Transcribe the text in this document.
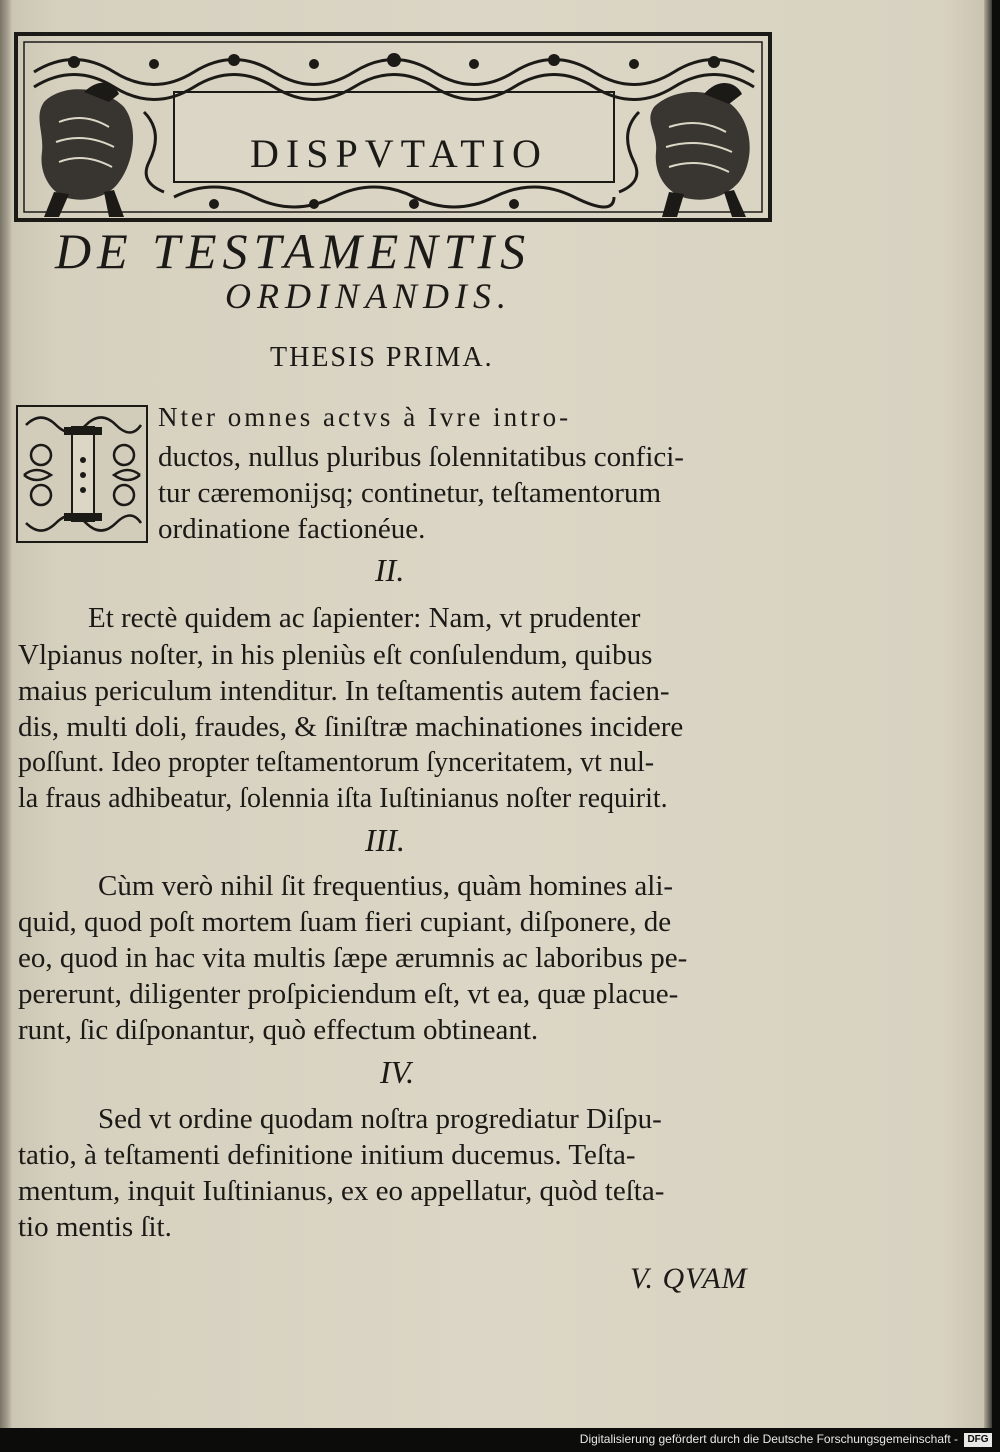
DISPVTATIO
DE TESTAMENTIS
ORDINANDIS.
THESIS PRIMA.
Nter omnes actvs à Ivre intro-
ductos, nullus pluribus ſolennitatibus confici-
tur cæremonijsq; continetur, teſtamentorum
ordinatione factionéue.
II.
Et rectè quidem ac ſapienter: Nam, vt prudenter
Vlpianus noſter, in his pleniùs eſt conſulendum, quibus
maius periculum intenditur. In teſtamentis autem facien-
dis, multi doli, fraudes, & ſiniſtræ machinationes incidere
poſſunt. Ideo propter teſtamentorum ſynceritatem, vt nul-
la fraus adhibeatur, ſolennia iſta Iuſtinianus noſter requirit.
III.
Cùm verò nihil ſit frequentius, quàm homines ali-
quid, quod poſt mortem ſuam fieri cupiant, diſponere, de
eo, quod in hac vita multis ſæpe ærumnis ac laboribus pe-
pererunt, diligenter proſpiciendum eſt, vt ea, quæ placue-
runt, ſic diſponantur, quò effectum obtineant.
IV.
Sed vt ordine quodam noſtra progrediatur Diſpu-
tatio, à teſtamenti definitione initium ducemus. Teſta-
mentum, inquit Iuſtinianus, ex eo appellatur, quòd teſta-
tio mentis ſit.
V. QVAM
Digitalisierung gefördert durch die Deutsche Forschungsgemeinschaft - DFG
